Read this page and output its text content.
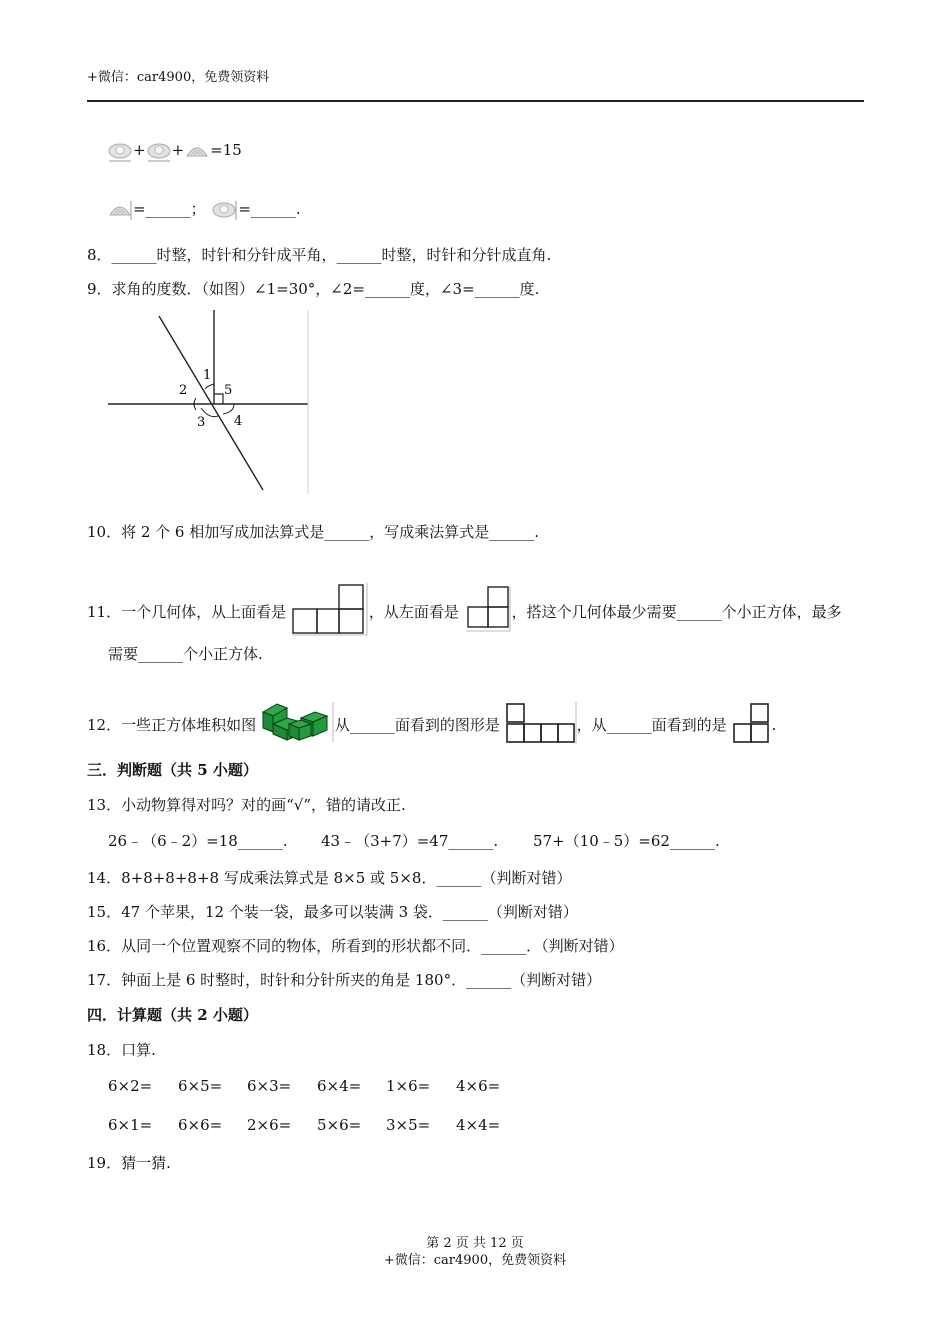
+微信：car4900，免费领资料
+ + =15
=______； =______.
8．______时整，时针和分针成平角，______时整，时针和分针成直角.
9．求角的度数．（如图）∠1=30°，∠2=______度，∠3=______度.
1
2	5
3 4
10．将 2 个 6 相加写成加法算式是______，写成乘法算式是______.
11．一个几何体，从上面看是	，从左面看是	，搭这个几何体最少需要______个小正方体，最多
需要______个小正方体.
12．一些正方体堆积如图	从______面看到的图形是	，从______面看到的是	.
三．判断题（共 5 小题）
13．小动物算得对吗？对的画“√”，错的请改正.
26﹣（6﹣2）=18______. 43﹣（3+7）=47______. 57+（10﹣5）=62______.
14．8+8+8+8+8 写成乘法算式是 8×5 或 5×8．______（判断对错）
15．47 个苹果，12 个装一袋，最多可以装满 3 袋．______（判断对错）
16．从同一个位置观察不同的物体，所看到的形状都不同．______．（判断对错）
17．钟面上是 6 时整时，时针和分针所夹的角是 180°．______（判断对错）
四．计算题（共 2 小题）
18．口算.
6×2= 6×5= 6×3= 6×4= 1×6= 4×6=
6×1= 6×6= 2×6= 5×6= 3×5= 4×4=
19．猜一猜.
第 2 页 共 12 页
+微信：car4900，免费领资料
